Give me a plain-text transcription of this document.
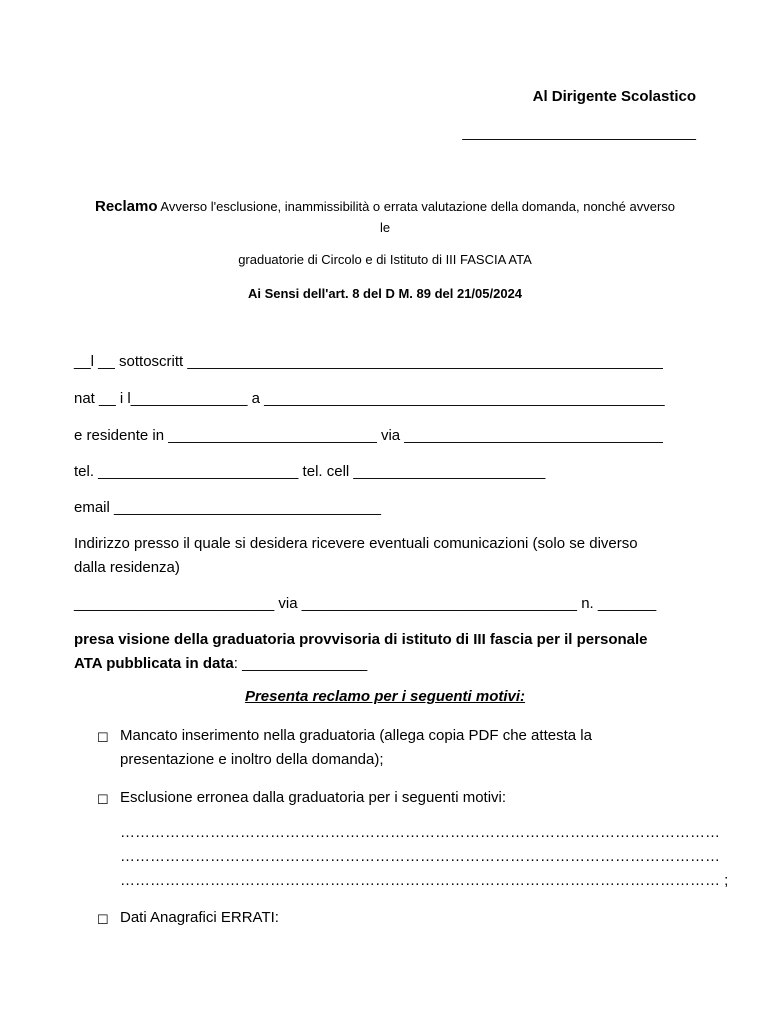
Al Dirigente Scolastico
____________________________
Reclamo Avverso l'esclusione, inammissibilità o errata valutazione della domanda, nonché avverso le
graduatorie di Circolo e di Istituto di III FASCIA ATA
Ai Sensi dell'art. 8 del D M. 89 del 21/05/2024
__l __ sottoscritt _________________________________________________________
nat __ i l______________ a ________________________________________________
e residente in _________________________ via _______________________________
tel. ________________________ tel. cell _______________________
email ________________________________
Indirizzo presso il quale si desidera ricevere eventuali comunicazioni (solo se diverso
dalla residenza)
________________________ via _________________________________ n. _______
presa visione della graduatoria provvisoria di istituto di III fascia per il personale
ATA pubblicata in data: _______________
Presenta reclamo per i seguenti motivi:
☐ Mancato inserimento nella graduatoria (allega copia PDF che attesta la
presentazione e inoltro della domanda);
☐ Esclusione erronea dalla graduatoria per i seguenti motivi:
…………………………………………………………………………………………………………
…………………………………………………………………………………………………………
………………………………………………………………………………………………………… ;
☐ Dati Anagrafici ERRATI:
